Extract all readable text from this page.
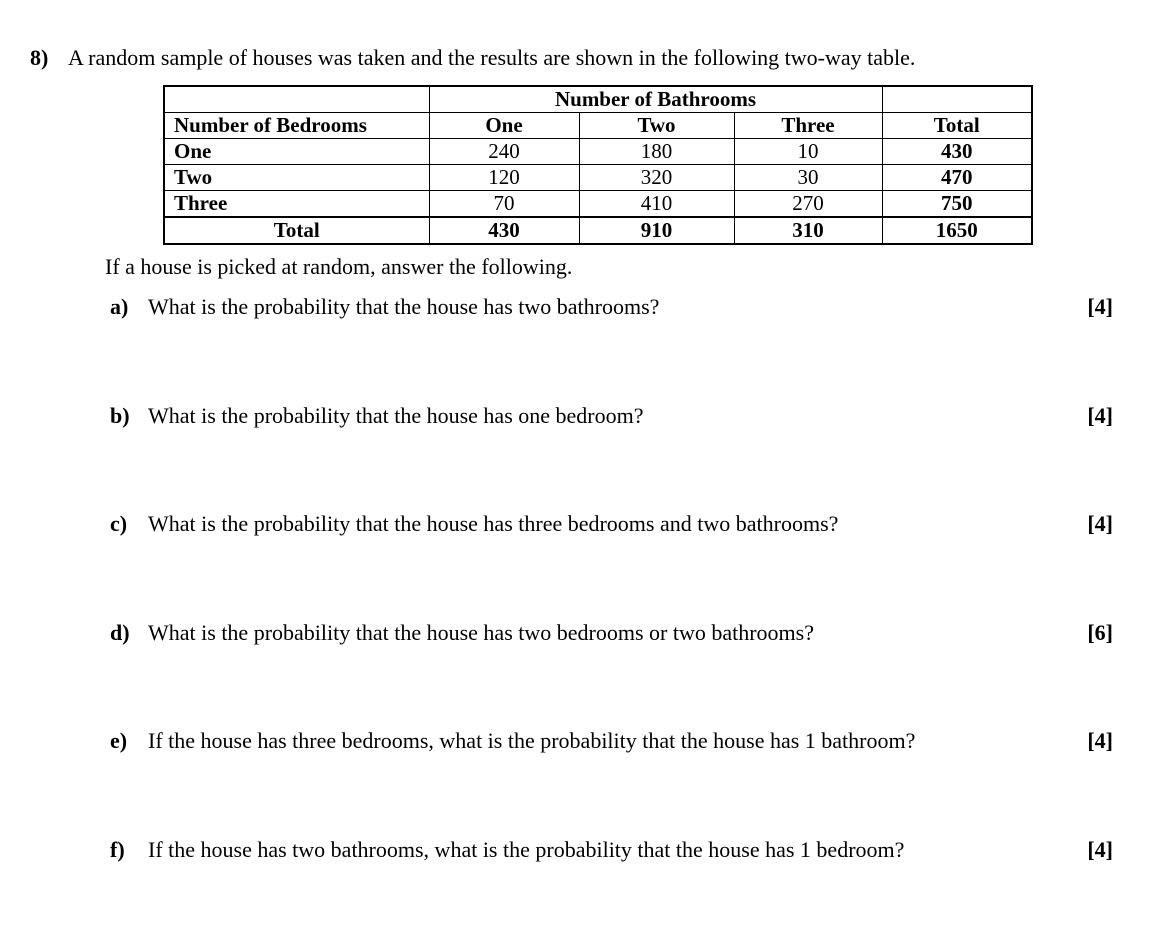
8) A random sample of houses was taken and the results are shown in the following two-way table.
	Number of Bathrooms			
Number of Bedrooms	One	Two	Three	Total
One	240	180	10	430
Two	120	320	30	470
Three	70	410	270	750
Total	430	910	310	1650
If a house is picked at random, answer the following.
a) What is the probability that the house has two bathrooms?	[4]
b) What is the probability that the house has one bedroom?	[4]
c) What is the probability that the house has three bedrooms and two bathrooms?	[4]
d) What is the probability that the house has two bedrooms or two bathrooms?	[6]
e) If the house has three bedrooms, what is the probability that the house has 1 bathroom?	[4]
f)	If the house has two bathrooms, what is the probability that the house has 1 bedroom?	[4]
